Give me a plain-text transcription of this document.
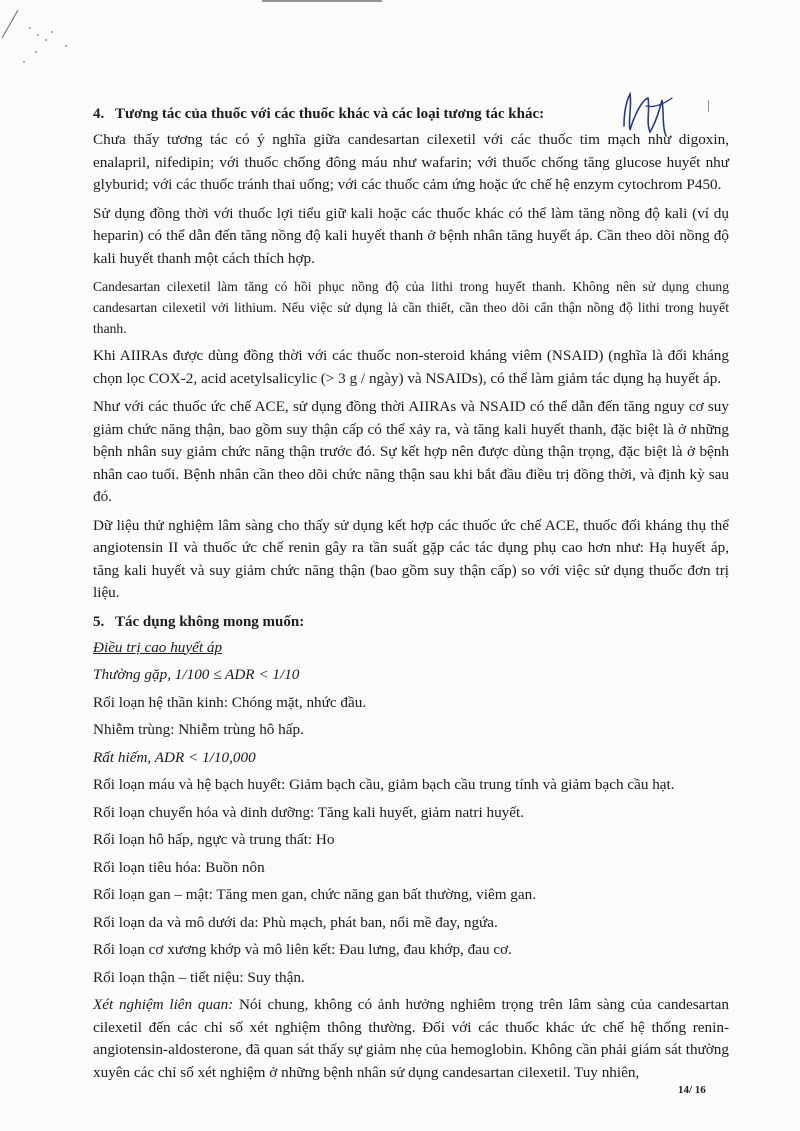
4. Tương tác của thuốc với các thuốc khác và các loại tương tác khác:

Chưa thấy tương tác có ý nghĩa giữa candesartan cilexetil với các thuốc tim mạch như digoxin, enalapril, nifedipin; với thuốc chống đông máu như wafarin; với thuốc chống tăng glucose huyết như glyburid; với các thuốc tránh thai uống; với các thuốc cảm ứng hoặc ức chế hệ enzym cytochrom P450.

Sử dụng đồng thời với thuốc lợi tiểu giữ kali hoặc các thuốc khác có thể làm tăng nồng độ kali (ví dụ heparin) có thể dẫn đến tăng nồng độ kali huyết thanh ở bệnh nhân tăng huyết áp. Cần theo dõi nồng độ kali huyết thanh một cách thích hợp.

Candesartan cilexetil làm tăng có hồi phục nồng độ của lithi trong huyết thanh. Không nên sử dụng chung candesartan cilexetil với lithium. Nếu việc sử dụng là cần thiết, cần theo dõi cẩn thận nồng độ lithi trong huyết thanh.

Khi AIIRAs được dùng đồng thời với các thuốc non-steroid kháng viêm (NSAID) (nghĩa là đối kháng chọn lọc COX-2, acid acetylsalicylic (> 3 g / ngày) và NSAIDs), có thể làm giảm tác dụng hạ huyết áp.

Như với các thuốc ức chế ACE, sử dụng đồng thời AIIRAs và NSAID có thể dẫn đến tăng nguy cơ suy giảm chức năng thận, bao gồm suy thận cấp có thể xảy ra, và tăng kali huyết thanh, đặc biệt là ở những bệnh nhân suy giảm chức năng thận trước đó. Sự kết hợp nên được dùng thận trọng, đặc biệt là ở bệnh nhân cao tuổi. Bệnh nhân cần theo dõi chức năng thận sau khi bắt đầu điều trị đồng thời, và định kỳ sau đó.

Dữ liệu thử nghiệm lâm sàng cho thấy sử dụng kết hợp các thuốc ức chế ACE, thuốc đối kháng thụ thể angiotensin II và thuốc ức chế renin gây ra tần suất gặp các tác dụng phụ cao hơn như: Hạ huyết áp, tăng kali huyết và suy giảm chức năng thận (bao gồm suy thận cấp) so với việc sử dụng thuốc đơn trị liệu.

5. Tác dụng không mong muốn:
Điều trị cao huyết áp
Thường gặp, 1/100 ≤ ADR < 1/10
Rối loạn hệ thần kinh: Chóng mặt, nhức đầu.
Nhiễm trùng: Nhiễm trùng hô hấp.
Rất hiếm, ADR < 1/10,000
Rối loạn máu và hệ bạch huyết: Giảm bạch cầu, giảm bạch cầu trung tính và giảm bạch cầu hạt.
Rối loạn chuyển hóa và dinh dưỡng: Tăng kali huyết, giảm natri huyết.
Rối loạn hô hấp, ngực và trung thất: Ho
Rối loạn tiêu hóa: Buồn nôn
Rối loạn gan – mật: Tăng men gan, chức năng gan bất thường, viêm gan.
Rối loạn da và mô dưới da: Phù mạch, phát ban, nổi mề đay, ngứa.
Rối loạn cơ xương khớp và mô liên kết: Đau lưng, đau khớp, đau cơ.
Rối loạn thận – tiết niệu: Suy thận.

Xét nghiệm liên quan: Nói chung, không có ảnh hưởng nghiêm trọng trên lâm sàng của candesartan cilexetil đến các chỉ số xét nghiệm thông thường. Đối với các thuốc khác ức chế hệ thống renin-angiotensin-aldosterone, đã quan sát thấy sự giảm nhẹ của hemoglobin. Không cần phải giám sát thường xuyên các chỉ số xét nghiệm ở những bệnh nhân sử dụng candesartan cilexetil. Tuy nhiên,

14/ 16
